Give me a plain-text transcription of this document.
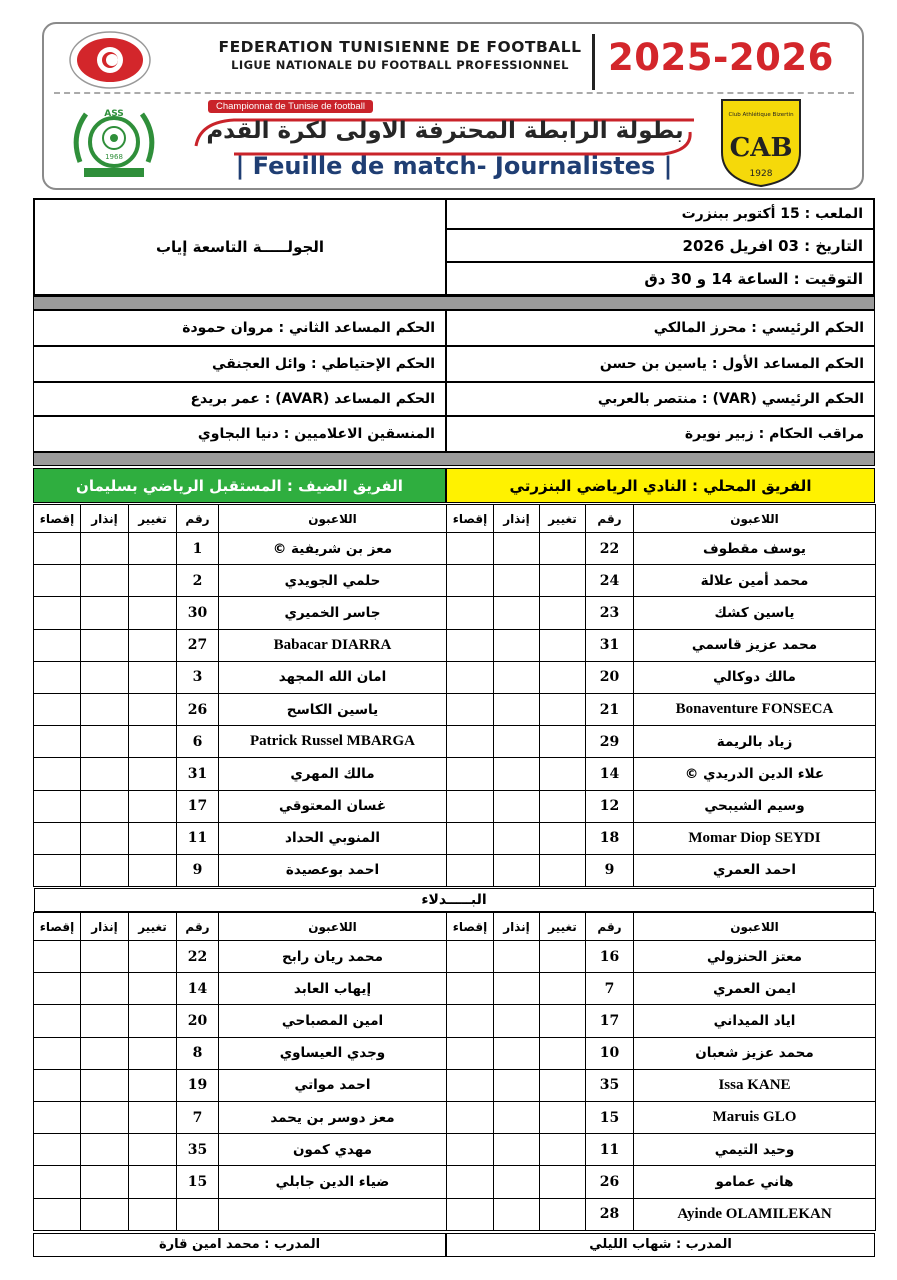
FEDERATION TUNISIENNE DE FOOTBALL
LIGUE NATIONALE DU FOOTBALL PROFESSIONNEL	2025-2026
ASS
1968
Championnat de Tunisie de football
بطولة الرابطة المحترفة الاولى لكرة القدم
| Feuille de match- Journalistes |
Club Athlétique Bizertin
CAB
1928
الملعب : 15 أكتوبر ببنزرت
التاريخ : 03 افريل 2026
التوقيت : الساعة 14 و 30 دق
الجولـــــة التاسعة إياب
الحكم الرئيسي : محرز المالكي
الحكم المساعد الأول : ياسين بن حسن
الحكم الرئيسي (VAR) : منتصر بالعربي
مراقب الحكام : زبير نويرة
الحكم المساعد الثاني : مروان حمودة
الحكم الإحتياطي : وائل العجنقي
الحكم المساعد (AVAR) : عمر بريدع
المنسقين الاعلاميين : دنيا البجاوي
الفريق المحلي : النادي الرياضي البنزرتي
الفريق الضيف : المستقبل الرياضي بسليمان
اللاعبون	رقم	تغيير	إنذار	إقصاء
يوسف مقطوف	22			
محمد أمين علالة	24			
ياسين كشك	23			
محمد عزيز قاسمي	31			
مالك دوكالي	20			
Bonaventure FONSECA	21			
زياد بالريمة	29			
علاء الدين الدريدي ©	14			
وسيم الشيبحي	12			
Momar Diop SEYDI	18			
احمد العمري	9			
اللاعبون	رقم	تغيير	إنذار	إقصاء
معز بن شريفية ©	1			
حلمي الجويدي	2			
جاسر الخميري	30			
Babacar DIARRA	27			
امان الله المجهد	3			
ياسين الكاسح	26			
Patrick Russel MBARGA	6			
مالك المهري	31			
غسان المعتوقي	17			
المنوبي الحداد	11			
احمد بوعصيدة	9			
البـــــدلاء
اللاعبون	رقم	تغيير	إنذار	إقصاء
معتز الحنزولي	16			
ايمن العمري	7			
اياد الميداني	17			
محمد عزيز شعبان	10			
Issa KANE	35			
Maruis GLO	15			
وحيد التيمي	11			
هاني عمامو	26			
Ayinde OLAMILEKAN	28			
اللاعبون	رقم	تغيير	إنذار	إقصاء
محمد ريان رابح	22			
إيهاب العابد	14			
امين المصباحي	20			
وجدي العيساوي	8			
احمد مواتي	19			
معز دوسر بن يحمد	7			
مهدي كمون	35			
ضياء الدين جابلي	15			

المدرب : شهاب الليلي
المدرب : محمد امين قارة
